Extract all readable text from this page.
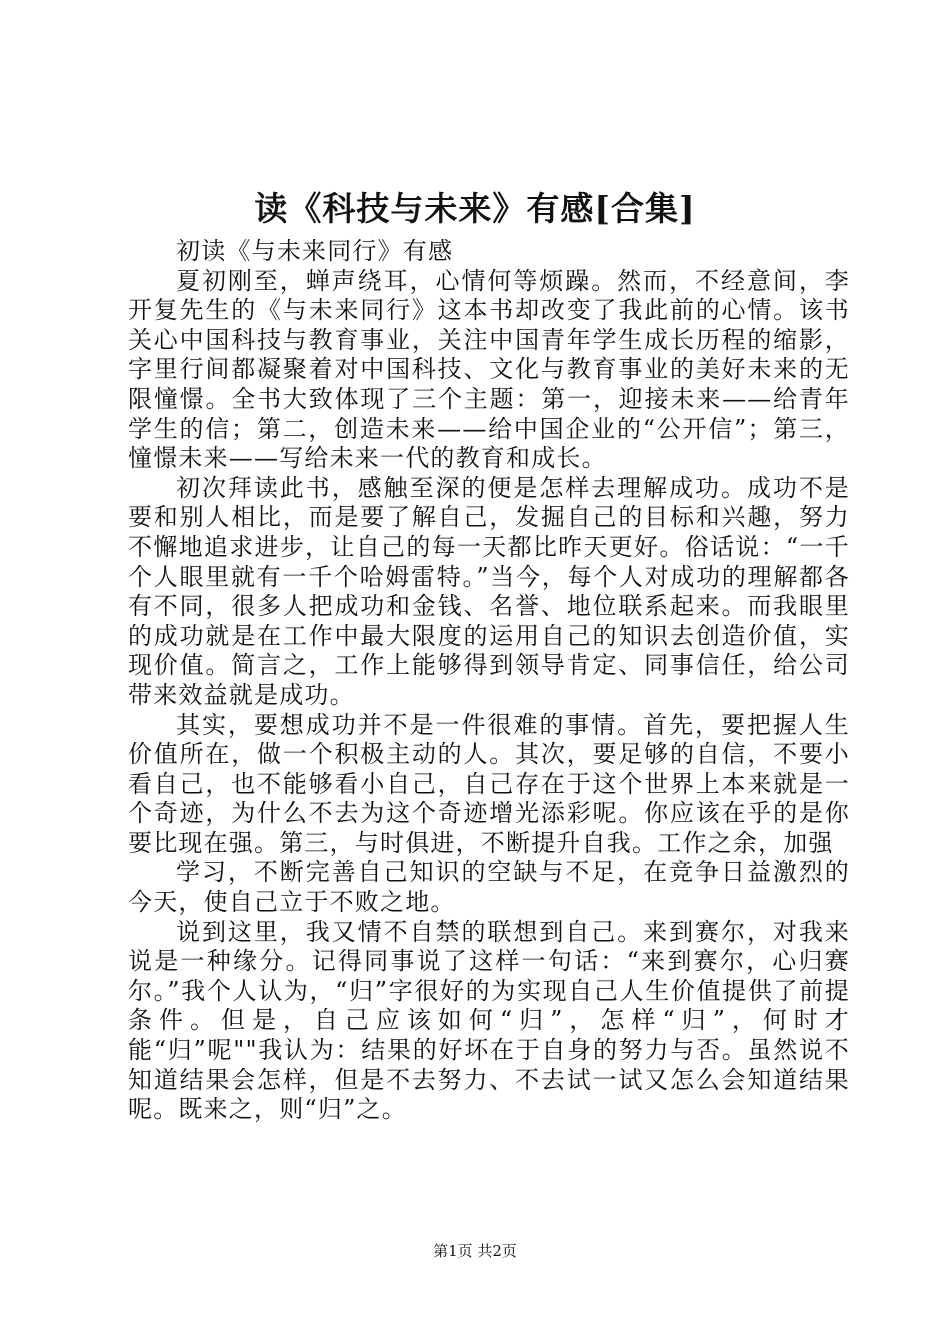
读《科技与未来》有感[合集]

初读《与未来同行》有感

夏初刚至，蝉声绕耳，心情何等烦躁。然而，不经意间，李开复先生的《与未来同行》这本书却改变了我此前的心情。该书关心中国科技与教育事业，关注中国青年学生成长历程的缩影，字里行间都凝聚着对中国科技、文化与教育事业的美好未来的无限憧憬。全书大致体现了三个主题：第一，迎接未来——给青年学生的信；第二，创造未来——给中国企业的“公开信”；第三，憧憬未来——写给未来一代的教育和成长。

初次拜读此书，感触至深的便是怎样去理解成功。成功不是要和别人相比，而是要了解自己，发掘自己的目标和兴趣，努力不懈地追求进步，让自己的每一天都比昨天更好。俗话说：“一千个人眼里就有一千个哈姆雷特。”当今，每个人对成功的理解都各有不同，很多人把成功和金钱、名誉、地位联系起来。而我眼里的成功就是在工作中最大限度的运用自己的知识去创造价值，实现价值。简言之，工作上能够得到领导肯定、同事信任，给公司带来效益就是成功。

其实，要想成功并不是一件很难的事情。首先，要把握人生价值所在，做一个积极主动的人。其次，要足够的自信，不要小看自己，也不能够看小自己，自己存在于这个世界上本来就是一个奇迹，为什么不去为这个奇迹增光添彩呢。你应该在乎的是你要比现在强。第三，与时俱进，不断提升自我。工作之余，加强

学习，不断完善自己知识的空缺与不足，在竞争日益激烈的今天，使自己立于不败之地。

说到这里，我又情不自禁的联想到自己。来到赛尔，对我来说是一种缘分。记得同事说了这样一句话：“来到赛尔，心归赛尔。”我个人认为，“归”字很好的为实现自己人生价值提供了前提条件。但是，自己应该如何“归”，怎样“归”，何时才能“归”呢""我认为：结果的好坏在于自身的努力与否。虽然说不知道结果会怎样，但是不去努力、不去试一试又怎么会知道结果呢。既来之，则“归”之。

第1页 共2页
